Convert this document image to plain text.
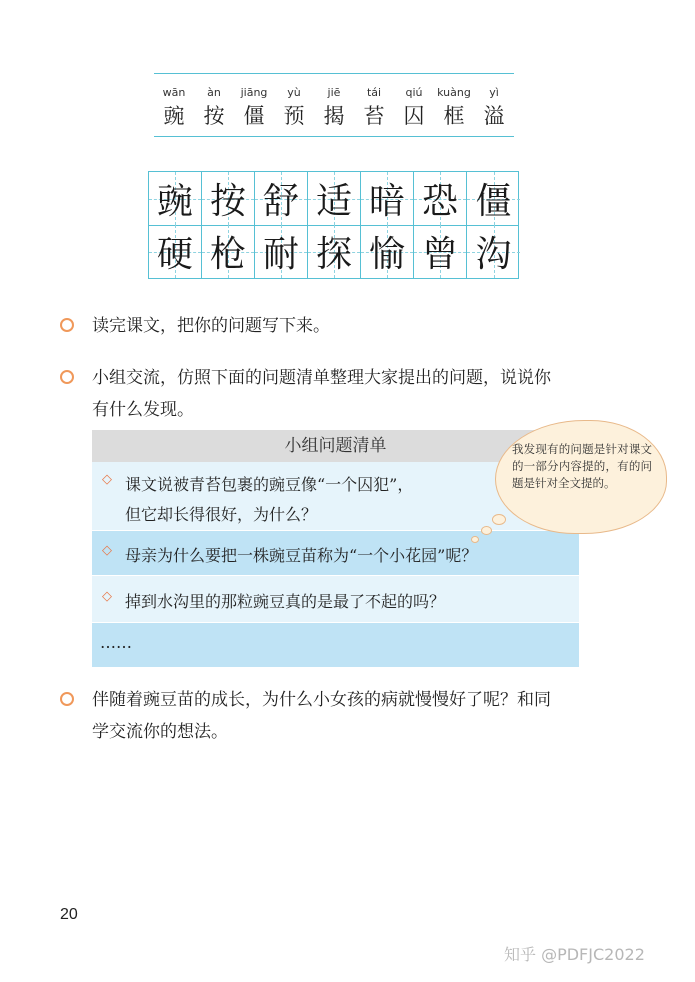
wān
豌
àn
按
jiāng
僵
yù
预
jiē
揭
tái
苔
qiú
囚
kuàng
框
yì
溢
豌 按 舒 适 暗 恐 僵
硬 枪 耐 探 愉 曾 沟
读完课文，把你的问题写下来。
小组交流，仿照下面的问题清单整理大家提出的问题，说说你
有什么发现。
小组问题清单
◇ 课文说被青苔包裹的豌豆像“一个囚犯”，
但它却长得很好，为什么？
◇ 母亲为什么要把一株豌豆苗称为“一个小花园”呢？
◇ 掉到水沟里的那粒豌豆真的是最了不起的吗？
……
我发现有的问题是针对课文的一部分内容提的，有的问题是针对全文提的。
伴随着豌豆苗的成长，为什么小女孩的病就慢慢好了呢？和同
学交流你的想法。
20
知乎 @PDFJC2022
